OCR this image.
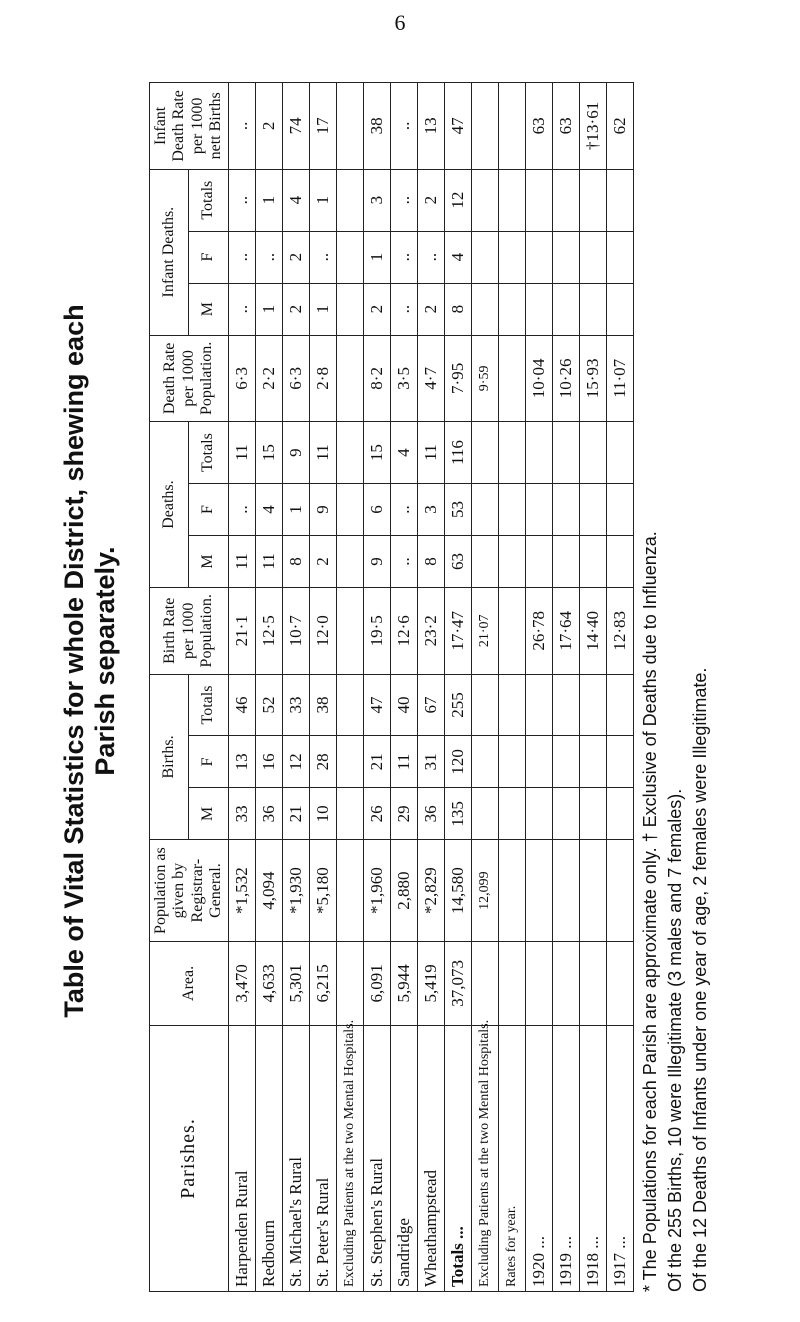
6
Table of Vital Statistics for whole District, shewing each Parish separately.
Parishes.	Area.	Population as given by Registrar-General.	Births.			Birth Rate per 1000 Population.	Deaths.			Death Rate per 1000 Population.	Infant Deaths.			Infant Death Rate per 1000 nett Births
			M	F	Totals		M	F	Totals		M	F	Totals	
Harpenden Rural	3,470	*1,532	33	13	46	21·1	11	..	11	6·3	..	..	..	..
Redbourn	4,633	4,094	36	16	52	12·5	11	4	15	2·2	1	..	1	2
St. Michael's Rural	5,301	*1,930	21	12	33	10·7	8	1	9	6·3	2	2	4	74
St. Peter's Rural	6,215	*5,180	10	28	38	12·0	2	9	11	2·8	1	..	1	17
Excluding Patients at the two Mental Hospitals.														
St. Stephen's Rural	6,091	*1,960	26	21	47	19·5	9	6	15	8·2	2	1	3	38
Sandridge	5,944	2,880	29	11	40	12·6	..	..	4	3·5	..	..	..	..
Wheathampstead	5,419	*2,829	36	31	67	23·2	8	3	11	4·7	2	..	2	13
Totals ...	37,073	14,580	135	120	255	17·47	63	53	116	7·95	8	4	12	47
Excluding Patients at the two Mental Hospitals.		12,099				21·07				9·59				
Rates for year.														
1920 ...						26·78				10·04				63
1919 ...						17·64				10·26				63
1918 ...						14·40				15·93				†13·61
1917 ...						12·83				11·07				62
* The Populations for each Parish are approximate only. † Exclusive of Deaths due to Influenza. Of the 255 Births, 10 were Illegitimate (3 males and 7 females). Of the 12 Deaths of Infants under one year of age, 2 females were Illegitimate.
